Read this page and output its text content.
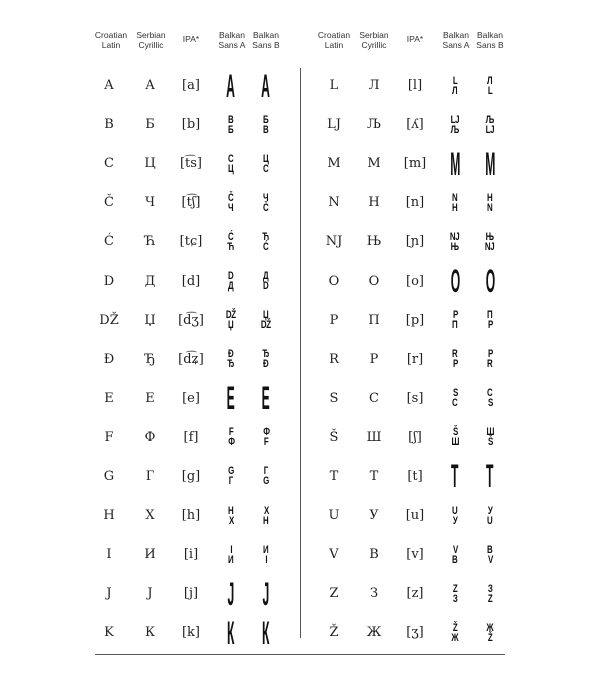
Croatian
Latin
Serbian
Cyrillic
IPA*	Balkan
Sans A
Balkan
Sans B
Croatian
Latin
Serbian
Cyrillic
IPA*	Balkan
Sans A
Balkan
Sans B
A
B
C
Č
Ć
D
DŽ
Đ
E
F
G
H
I
J
K
А
Б
Ц
Ч
Ћ
Д
Џ
Ђ
Е
Ф
Г
Х
И
Ј
К
[a]
[b]
[t͡s]
[t͡ʃ]
[tɕ]
[d]
[d͡ʒ]
[d͡ʑ]
[e]
[f]
[g]
[h]
[i]
[j]
[k]
А
B
Б
C
Ц
Č
Ч
Ć
Ћ
D
Д
DŽ
Џ
Đ
Ђ
Е
F
Ф
G
Г
H
Х
I
И
Ј
К
А
Б
B
Ц
C
Ч
Č
Ћ
Ć
Д
D
Џ
DŽ
Ђ
Đ
Е
Ф
F
Г
G
Х
H
И
I
Ј
К
L
LJ
M
N
NJ
O
P
R
S
Š
T
U
V
Z
Ž
Л
Љ
М
Н
Њ
О
П
Р
С
Ш
Т
У
В
З
Ж
[l]
[ʎ]
[m]
[n]
[ɲ]
[o]
[p]
[r]
[s]
[ʃ]
[t]
[u]
[v]
[z]
[ʒ]
L
Л
LJ
Љ
М
N
Н
NJ
Њ
О
P
П
R
Р
S
С
Š
Ш
Т
U
У
V
В
Z
З
Ž
Ж
Л
L
Љ
LJ
М
Н
N
Њ
NJ
О
П
P
Р
R
С
S
Ш
Š
Т
У
U
В
V
З
Z
Ж
Ž
